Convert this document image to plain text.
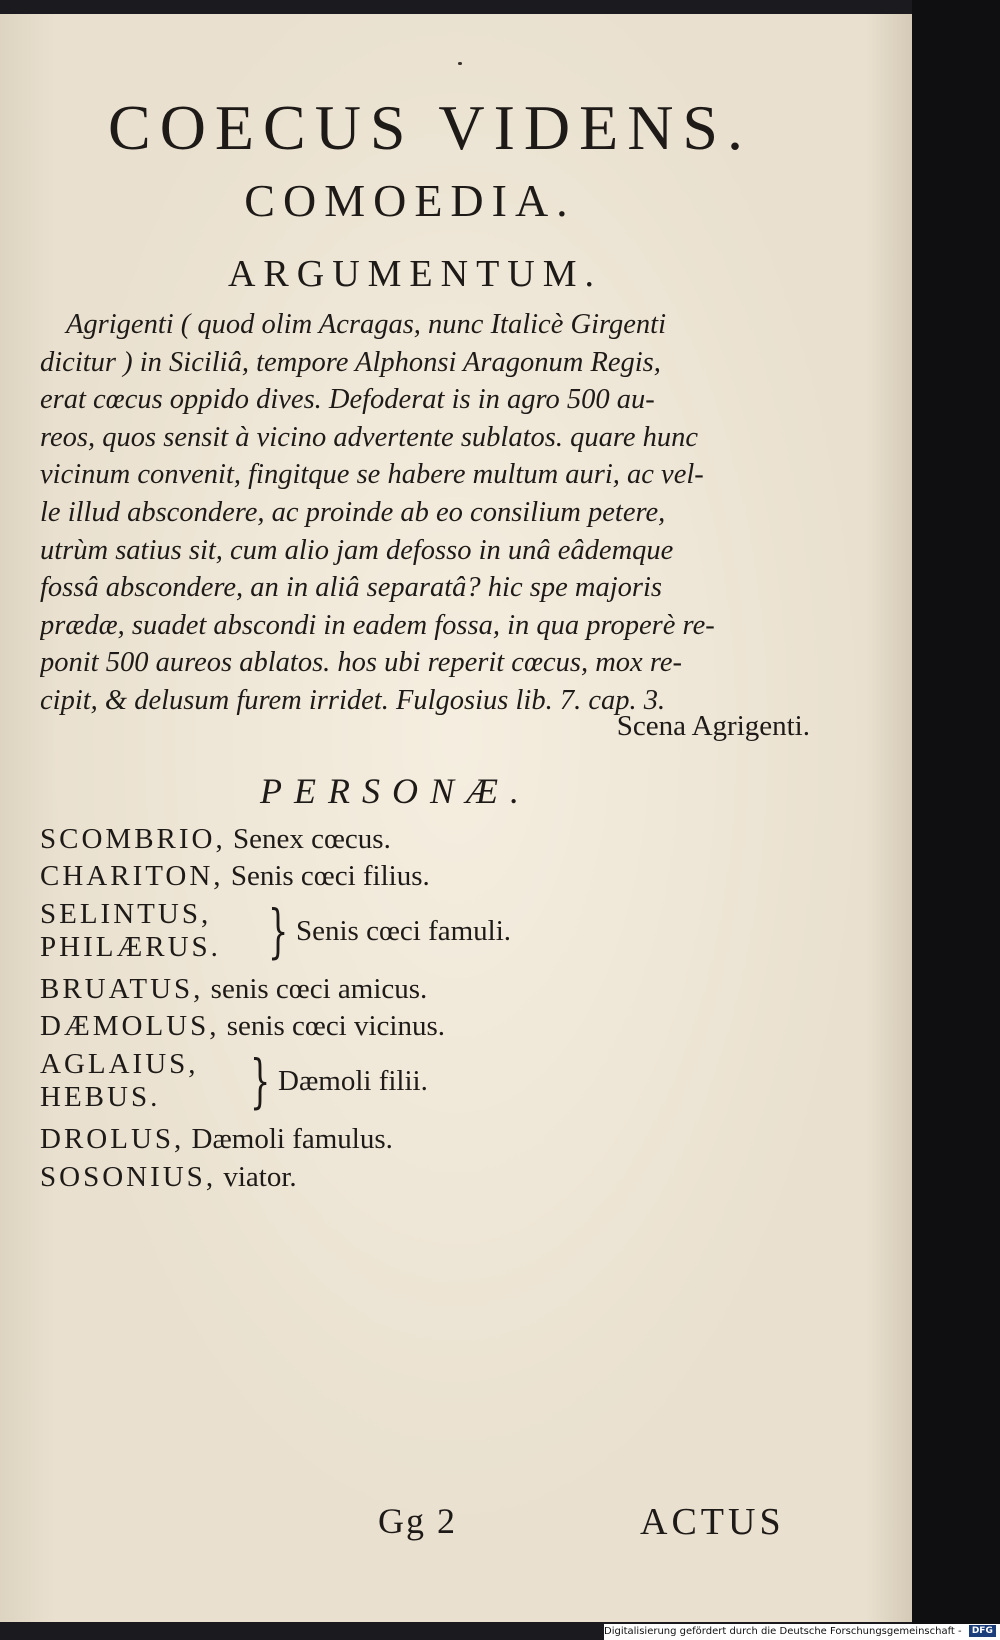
COECUS VIDENS.
COMOEDIA.
ARGUMENTUM.
Agrigenti ( quod olim Acragas, nunc Italicè Girgenti
dicitur ) in Siciliâ, tempore Alphonsi Aragonum Regis,
erat cœcus oppido dives. Defoderat is in agro 500 au-
reos, quos sensit à vicino advertente sublatos. quare hunc
vicinum convenit, fingitque se habere multum auri, ac vel-
le illud abscondere, ac proinde ab eo consilium petere,
utrùm satius sit, cum alio jam defosso in unâ eâdemque
fossâ abscondere, an in aliâ separatâ? hic spe majoris
prædæ, suadet abscondi in eadem fossa, in qua properè re-
ponit 500 aureos ablatos. hos ubi reperit cœcus, mox re-
cipit, & delusum furem irridet. Fulgosius lib. 7. cap. 3.
Scena Agrigenti.
PERSONÆ.
SCOMBRIO, Senex cœcus.
CHARITON, Senis cœci filius.
SELINTUS,
PHILÆRUS. } Senis cœci famuli.
BRUATUS, senis cœci amicus.
DÆMOLUS, senis cœci vicinus.
AGLAIUS,
HEBUS.	} Dæmoli filii.
DROLUS, Dæmoli famulus.
SOSONIUS, viator.
Gg 2	ACTUS
Digitalisierung gefördert durch die Deutsche Forschungsgemeinschaft - DFG
